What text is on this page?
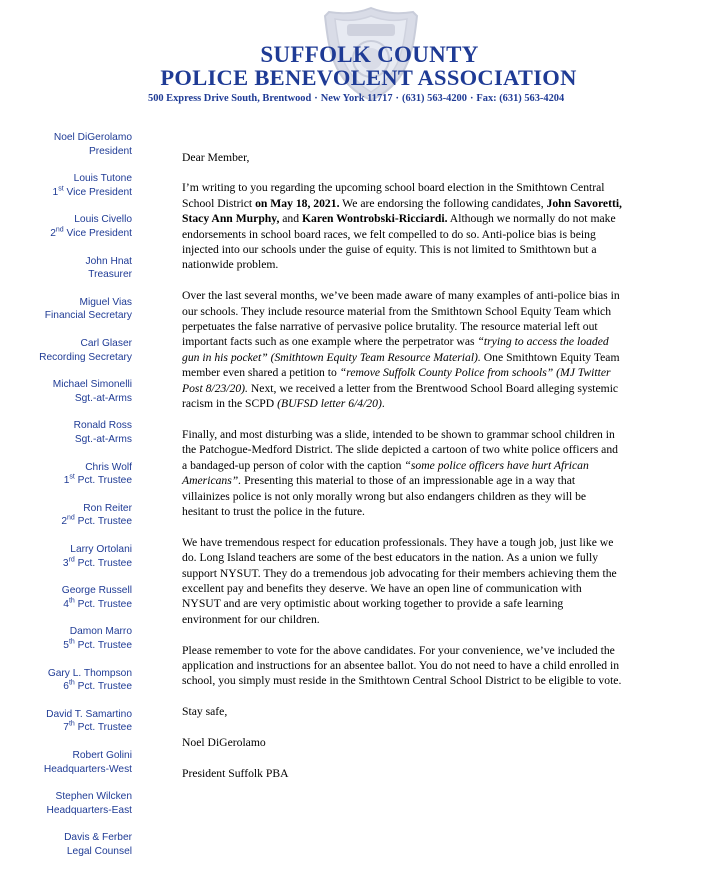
SUFFOLK COUNTY
POLICE BENEVOLENT ASSOCIATION
500 Express Drive South, Brentwood · New York 11717 · (631) 563-4200 · Fax: (631) 563-4204
Noel DiGerolamo
President
Louis Tutone
1st Vice President
Louis Civello
2nd Vice President
John Hnat
Treasurer
Miguel Vias
Financial Secretary
Carl Glaser
Recording Secretary
Michael Simonelli
Sgt.-at-Arms
Ronald Ross
Sgt.-at-Arms
Chris Wolf
1st Pct. Trustee
Ron Reiter
2nd Pct. Trustee
Larry Ortolani
3rd Pct. Trustee
George Russell
4th Pct. Trustee
Damon Marro
5th Pct. Trustee
Gary L. Thompson
6th Pct. Trustee
David T. Samartino
7th Pct. Trustee
Robert Golini
Headquarters-West
Stephen Wilcken
Headquarters-East
Davis & Ferber
Legal Counsel

Dear Member,

I’m writing to you regarding the upcoming school board election in the Smithtown Central School District on May 18, 2021. We are endorsing the following candidates, John Savoretti, Stacy Ann Murphy, and Karen Wontrobski-Ricciardi. Although we normally do not make endorsements in school board races, we felt compelled to do so. Anti-police bias is being injected into our schools under the guise of equity. This is not limited to Smithtown but a nationwide problem.

Over the last several months, we’ve been made aware of many examples of anti-police bias in our schools. They include resource material from the Smithtown School Equity Team which perpetuates the false narrative of pervasive police brutality. The resource material left out important facts such as one example where the perpetrator was “trying to access the loaded gun in his pocket” (Smithtown Equity Team Resource Material). One Smithtown Equity Team member even shared a petition to “remove Suffolk County Police from schools” (MJ Twitter Post 8/23/20). Next, we received a letter from the Brentwood School Board alleging systemic racism in the SCPD (BUFSD letter 6/4/20).

Finally, and most disturbing was a slide, intended to be shown to grammar school children in the Patchogue-Medford District. The slide depicted a cartoon of two white police officers and a bandaged-up person of color with the caption “some police officers have hurt African Americans”. Presenting this material to those of an impressionable age in a way that villainizes police is not only morally wrong but also endangers children as they will be hesitant to trust the police in the future.

We have tremendous respect for education professionals. They have a tough job, just like we do. Long Island teachers are some of the best educators in the nation. As a union we fully support NYSUT. They do a tremendous job advocating for their members achieving them the excellent pay and benefits they deserve. We have an open line of communication with NYSUT and are very optimistic about working together to provide a safe learning environment for our children.

Please remember to vote for the above candidates. For your convenience, we’ve included the application and instructions for an absentee ballot. You do not need to have a child enrolled in school, you simply must reside in the Smithtown Central School District to be eligible to vote.

Stay safe,

Noel DiGerolamo

President Suffolk PBA
